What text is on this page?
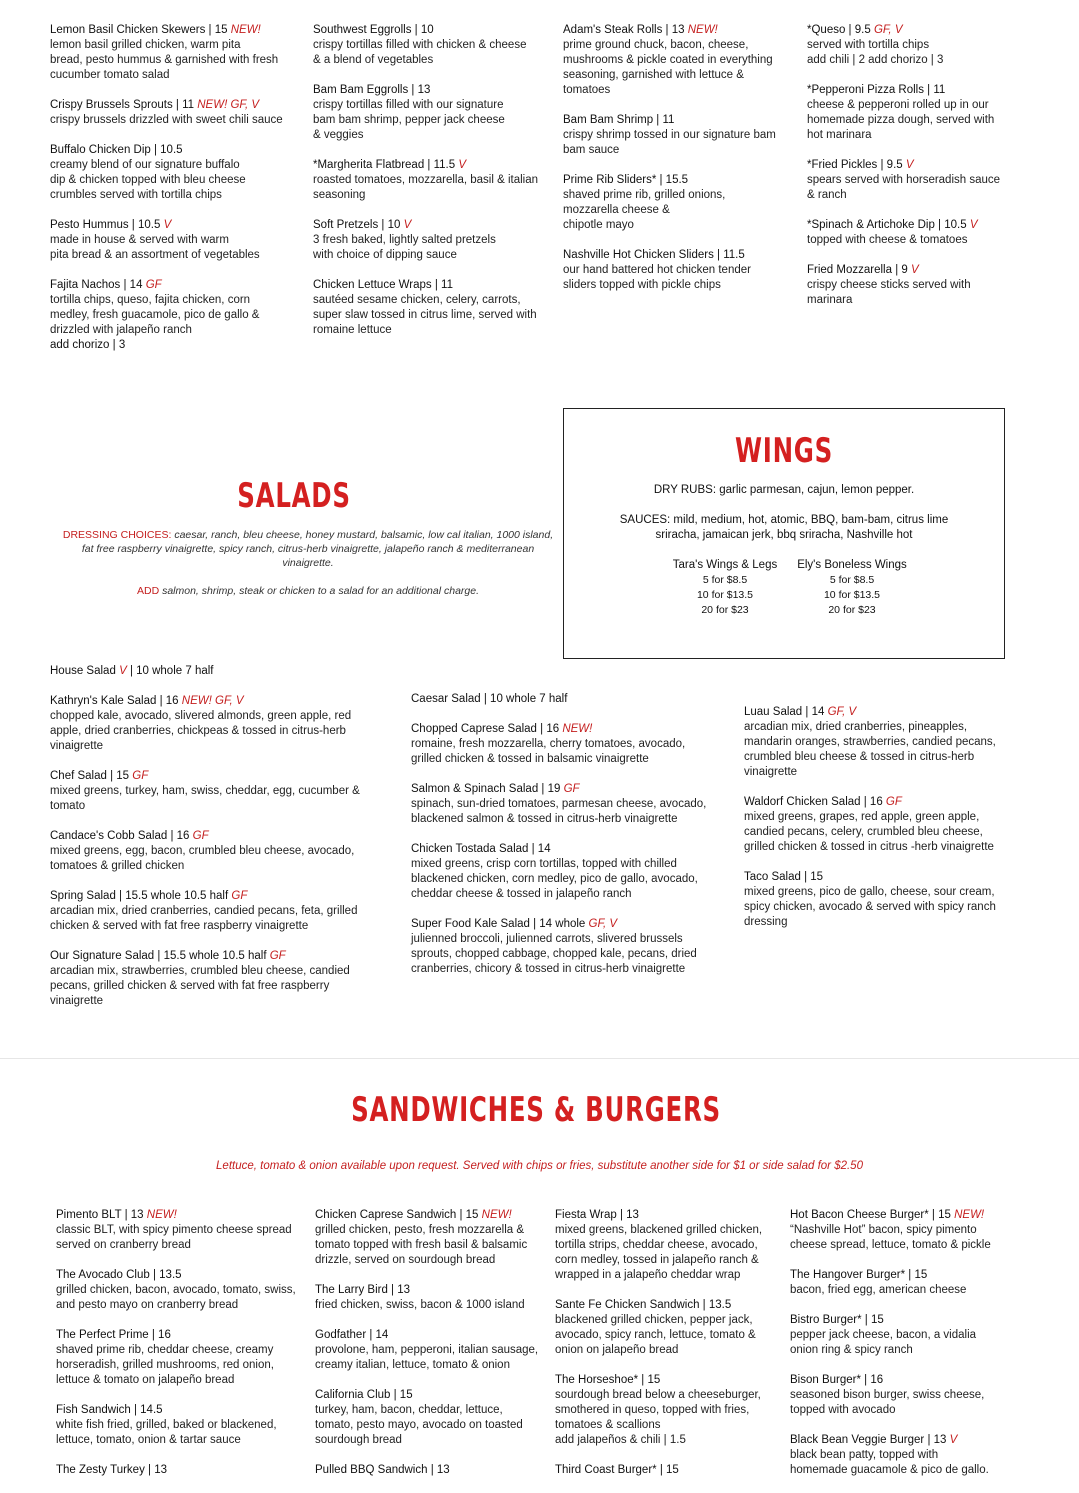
Lemon Basil Chicken Skewers | 15 NEW!
lemon basil grilled chicken, warm pita
bread, pesto hummus & garnished with fresh
cucumber tomato salad
Crispy Brussels Sprouts | 11 NEW! GF, V
crispy brussels drizzled with sweet chili sauce
Buffalo Chicken Dip | 10.5
creamy blend of our signature buffalo
dip & chicken topped with bleu cheese
crumbles served with tortilla chips
Pesto Hummus | 10.5 V
made in house & served with warm
pita bread & an assortment of vegetables
Fajita Nachos | 14 GF
tortilla chips, queso, fajita chicken, corn
medley, fresh guacamole, pico de gallo &
drizzled with jalapeño ranch
add chorizo | 3
Southwest Eggrolls | 10
crispy tortillas filled with chicken & cheese
& a blend of vegetables
Bam Bam Eggrolls | 13
crispy tortillas filled with our signature
bam bam shrimp, pepper jack cheese
& veggies
*Margherita Flatbread | 11.5 V
roasted tomatoes, mozzarella, basil & italian
seasoning
Soft Pretzels | 10 V
3 fresh baked, lightly salted pretzels
with choice of dipping sauce
Chicken Lettuce Wraps | 11
sautéed sesame chicken, celery, carrots,
super slaw tossed in citrus lime, served with
romaine lettuce
Adam's Steak Rolls | 13 NEW!
prime ground chuck, bacon, cheese,
mushrooms & pickle coated in everything
seasoning, garnished with lettuce &
tomatoes
Bam Bam Shrimp | 11
crispy shrimp tossed in our signature bam
bam sauce
Prime Rib Sliders* | 15.5
shaved prime rib, grilled onions,
mozzarella cheese &
chipotle mayo
Nashville Hot Chicken Sliders | 11.5
our hand battered hot chicken tender
sliders topped with pickle chips
*Queso | 9.5 GF, V
served with tortilla chips
add chili | 2 add chorizo | 3
*Pepperoni Pizza Rolls | 11
cheese & pepperoni rolled up in our
homemade pizza dough, served with
hot marinara
*Fried Pickles | 9.5 V
spears served with horseradish sauce
& ranch
*Spinach & Artichoke Dip | 10.5 V
topped with cheese & tomatoes
Fried Mozzarella | 9 V
crispy cheese sticks served with
marinara
SALADS
DRESSING CHOICES: caesar, ranch, bleu cheese, honey mustard, balsamic, low cal italian, 1000 island, fat free raspberry vinaigrette, spicy ranch, citrus-herb vinaigrette, jalapeño ranch & mediterranean vinaigrette.
ADD salmon, shrimp, steak or chicken to a salad for an additional charge.
WINGS
DRY RUBS: garlic parmesan, cajun, lemon pepper.
SAUCES: mild, medium, hot, atomic, BBQ, bam-bam, citrus lime
sriracha, jamaican jerk, bbq sriracha, Nashville hot
Tara's Wings & Legs
5 for $8.5
10 for $13.5
20 for $23
Ely's Boneless Wings
5 for $8.5
10 for $13.5
20 for $23
House Salad V | 10 whole 7 half
Kathryn's Kale Salad | 16 NEW! GF, V
chopped kale, avocado, slivered almonds, green apple, red
apple, dried cranberries, chickpeas & tossed in citrus-herb
vinaigrette
Chef Salad | 15 GF
mixed greens, turkey, ham, swiss, cheddar, egg, cucumber &
tomato
Candace's Cobb Salad | 16 GF
mixed greens, egg, bacon, crumbled bleu cheese, avocado,
tomatoes & grilled chicken
Spring Salad | 15.5 whole 10.5 half GF
arcadian mix, dried cranberries, candied pecans, feta, grilled
chicken & served with fat free raspberry vinaigrette
Our Signature Salad | 15.5 whole 10.5 half GF
arcadian mix, strawberries, crumbled bleu cheese, candied
pecans, grilled chicken & served with fat free raspberry
vinaigrette
Caesar Salad | 10 whole 7 half
Chopped Caprese Salad | 16 NEW!
romaine, fresh mozzarella, cherry tomatoes, avocado,
grilled chicken & tossed in balsamic vinaigrette
Salmon & Spinach Salad | 19 GF
spinach, sun-dried tomatoes, parmesan cheese, avocado,
blackened salmon & tossed in citrus-herb vinaigrette
Chicken Tostada Salad | 14
mixed greens, crisp corn tortillas, topped with chilled
blackened chicken, corn medley, pico de gallo, avocado,
cheddar cheese & tossed in jalapeño ranch
Super Food Kale Salad | 14 whole GF, V
julienned broccoli, julienned carrots, slivered brussels
sprouts, chopped cabbage, chopped kale, pecans, dried
cranberries, chicory & tossed in citrus-herb vinaigrette
Luau Salad | 14 GF, V
arcadian mix, dried cranberries, pineapples,
mandarin oranges, strawberries, candied pecans,
crumbled bleu cheese & tossed in citrus-herb
vinaigrette
Waldorf Chicken Salad | 16 GF
mixed greens, grapes, red apple, green apple,
candied pecans, celery, crumbled bleu cheese,
grilled chicken & tossed in citrus -herb vinaigrette
Taco Salad | 15
mixed greens, pico de gallo, cheese, sour cream,
spicy chicken, avocado & served with spicy ranch
dressing
SANDWICHES & BURGERS
Lettuce, tomato & onion available upon request. Served with chips or fries, substitute another side for $1 or side salad for $2.50
Pimento BLT | 13 NEW!
classic BLT, with spicy pimento cheese spread
served on cranberry bread
The Avocado Club | 13.5
grilled chicken, bacon, avocado, tomato, swiss,
and pesto mayo on cranberry bread
The Perfect Prime | 16
shaved prime rib, cheddar cheese, creamy
horseradish, grilled mushrooms, red onion,
lettuce & tomato on jalapeño bread
Fish Sandwich | 14.5
white fish fried, grilled, baked or blackened,
lettuce, tomato, onion & tartar sauce
The Zesty Turkey | 13
Chicken Caprese Sandwich | 15 NEW!
grilled chicken, pesto, fresh mozzarella &
tomato topped with fresh basil & balsamic
drizzle, served on sourdough bread
The Larry Bird | 13
fried chicken, swiss, bacon & 1000 island
Godfather | 14
provolone, ham, pepperoni, italian sausage,
creamy italian, lettuce, tomato & onion
California Club | 15
turkey, ham, bacon, cheddar, lettuce,
tomato, pesto mayo, avocado on toasted
sourdough bread
Pulled BBQ Sandwich | 13
Fiesta Wrap | 13
mixed greens, blackened grilled chicken,
tortilla strips, cheddar cheese, avocado,
corn medley, tossed in jalapeño ranch &
wrapped in a jalapeño cheddar wrap
Sante Fe Chicken Sandwich | 13.5
blackened grilled chicken, pepper jack,
avocado, spicy ranch, lettuce, tomato &
onion on jalapeño bread
The Horseshoe* | 15
sourdough bread below a cheeseburger,
smothered in queso, topped with fries,
tomatoes & scallions
add jalapeños & chili | 1.5
Third Coast Burger* | 15
Hot Bacon Cheese Burger* | 15 NEW!
“Nashville Hot” bacon, spicy pimento
cheese spread, lettuce, tomato & pickle
The Hangover Burger* | 15
bacon, fried egg, american cheese
Bistro Burger* | 15
pepper jack cheese, bacon, a vidalia
onion ring & spicy ranch
Bison Burger* | 16
seasoned bison burger, swiss cheese,
topped with avocado
Black Bean Veggie Burger | 13 V
black bean patty, topped with
homemade guacamole & pico de gallo.
